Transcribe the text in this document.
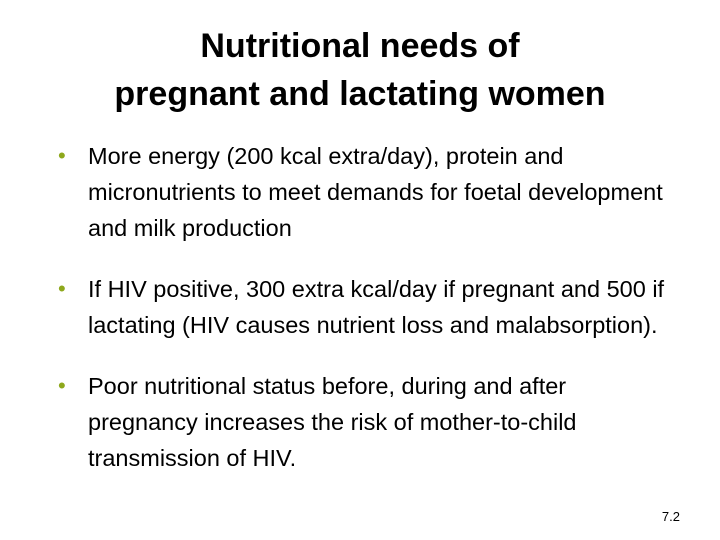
Nutritional needs of
pregnant and lactating women
• More energy (200 kcal extra/day), protein and micronutrients to meet demands for foetal development and milk production
• If HIV positive, 300 extra kcal/day if pregnant and 500 if lactating (HIV causes nutrient loss and malabsorption).
• Poor nutritional status before, during and after pregnancy increases the risk of mother-to-child transmission of HIV.
7.2
